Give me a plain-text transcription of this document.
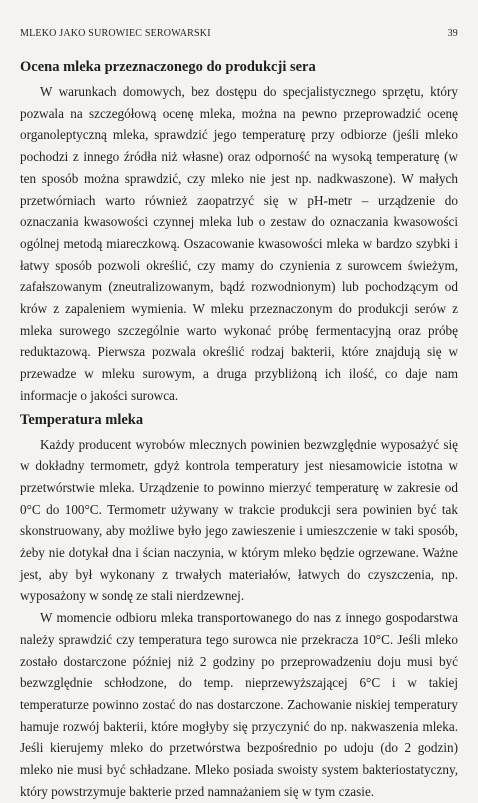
MLEKO JAKO SUROWIEC SEROWARSKI	39
Ocena mleka przeznaczonego do produkcji sera

W warunkach domowych, bez dostępu do specjalistycznego sprzętu, który pozwala na szczegółową ocenę mleka, można na pewno przeprowadzić ocenę organoleptyczną mleka, sprawdzić jego temperaturę przy odbiorze (jeśli mleko pochodzi z innego źródła niż własne) oraz odporność na wysoką temperaturę (w ten sposób można sprawdzić, czy mleko nie jest np. nadkwaszone). W małych przetwórniach warto również zaopatrzyć się w pH-metr – urządzenie do oznaczania kwasowości czynnej mleka lub o zestaw do oznaczania kwasowości ogólnej metodą miareczkową. Oszacowanie kwasowości mleka w bardzo szybki i łatwy sposób pozwoli określić, czy mamy do czynienia z surowcem świeżym, zafałszowanym (zneutralizowanym, bądź rozwodnionym) lub pochodzącym od krów z zapaleniem wymienia. W mleku przeznaczonym do produkcji serów z mleka surowego szczególnie warto wykonać próbę fermentacyjną oraz próbę reduktazową. Pierwsza pozwala określić rodzaj bakterii, które znajdują się w przewadze w mleku surowym, a druga przybliżoną ich ilość, co daje nam informacje o jakości surowca.

Temperatura mleka

Każdy producent wyrobów mlecznych powinien bezwzględnie wyposażyć się w dokładny termometr, gdyż kontrola temperatury jest niesamowicie istotna w przetwórstwie mleka. Urządzenie to powinno mierzyć temperaturę w zakresie od 0°C do 100°C. Termometr używany w trakcie produkcji sera powinien być tak skonstruowany, aby możliwe było jego zawieszenie i umieszczenie w taki sposób, żeby nie dotykał dna i ścian naczynia, w którym mleko będzie ogrzewane. Ważne jest, aby był wykonany z trwałych materiałów, łatwych do czyszczenia, np. wyposażony w sondę ze stali nierdzewnej.

W momencie odbioru mleka transportowanego do nas z innego gospodarstwa należy sprawdzić czy temperatura tego surowca nie przekracza 10°C. Jeśli mleko zostało dostarczone później niż 2 godziny po przeprowadzeniu doju musi być bezwzględnie schłodzone, do temp. nieprzewyższającej 6°C i w takiej temperaturze powinno zostać do nas dostarczone. Zachowanie niskiej temperatury hamuje rozwój bakterii, które mogłyby się przyczynić do np. nakwaszenia mleka. Jeśli kierujemy mleko do przetwórstwa bezpośrednio po udoju (do 2 godzin) mleko nie musi być schładzane. Mleko posiada swoisty system bakteriostatyczny, który powstrzymuje bakterie przed namnażaniem się w tym czasie.
